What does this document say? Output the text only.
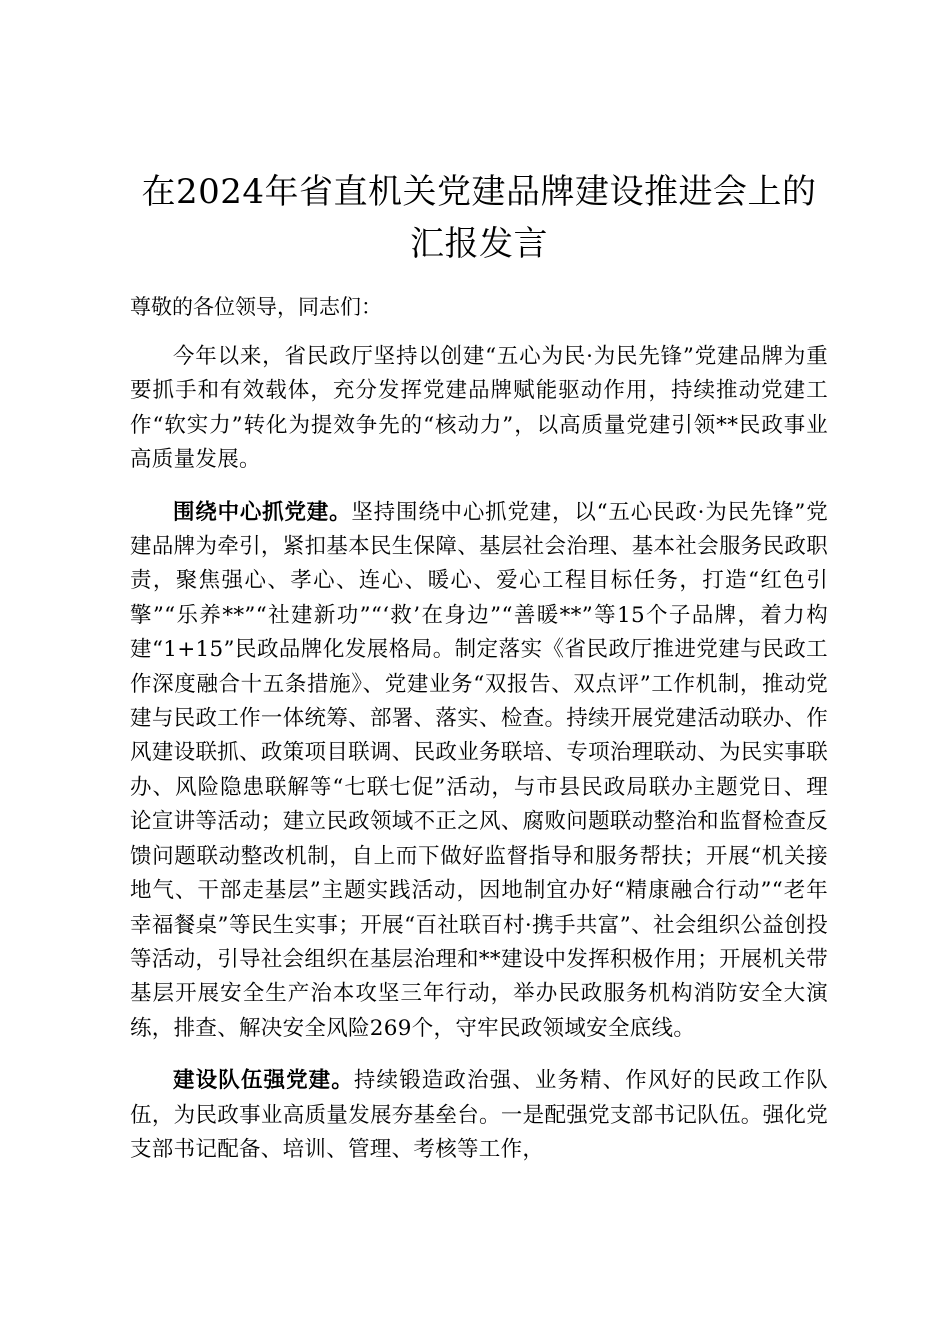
在2024年省直机关党建品牌建设推进会上的
汇报发言

尊敬的各位领导，同志们：

今年以来，省民政厅坚持以创建“五心为民·为民先锋”党建品牌为重要抓手和有效载体，充分发挥党建品牌赋能驱动作用，持续推动党建工作“软实力”转化为提效争先的“核动力”，以高质量党建引领**民政事业高质量发展。

围绕中心抓党建。坚持围绕中心抓党建，以“五心民政·为民先锋”党建品牌为牵引，紧扣基本民生保障、基层社会治理、基本社会服务民政职责，聚焦强心、孝心、连心、暖心、爱心工程目标任务，打造“红色引擎”“乐养**”“社建新功”“‘救’在身边”“善暖**”等15个子品牌，着力构建“1+15”民政品牌化发展格局。制定落实《省民政厅推进党建与民政工作深度融合十五条措施》、党建业务“双报告、双点评”工作机制，推动党建与民政工作一体统筹、部署、落实、检查。持续开展党建活动联办、作风建设联抓、政策项目联调、民政业务联培、专项治理联动、为民实事联办、风险隐患联解等“七联七促”活动，与市县民政局联办主题党日、理论宣讲等活动；建立民政领域不正之风、腐败问题联动整治和监督检查反馈问题联动整改机制，自上而下做好监督指导和服务帮扶；开展“机关接地气、干部走基层”主题实践活动，因地制宜办好“精康融合行动”“老年幸福餐桌”等民生实事；开展“百社联百村·携手共富”、社会组织公益创投等活动，引导社会组织在基层治理和**建设中发挥积极作用；开展机关带基层开展安全生产治本攻坚三年行动，举办民政服务机构消防安全大演练，排查、解决安全风险269个，守牢民政领域安全底线。

建设队伍强党建。持续锻造政治强、业务精、作风好的民政工作队伍，为民政事业高质量发展夯基垒台。一是配强党支部书记队伍。强化党支部书记配备、培训、管理、考核等工作，
